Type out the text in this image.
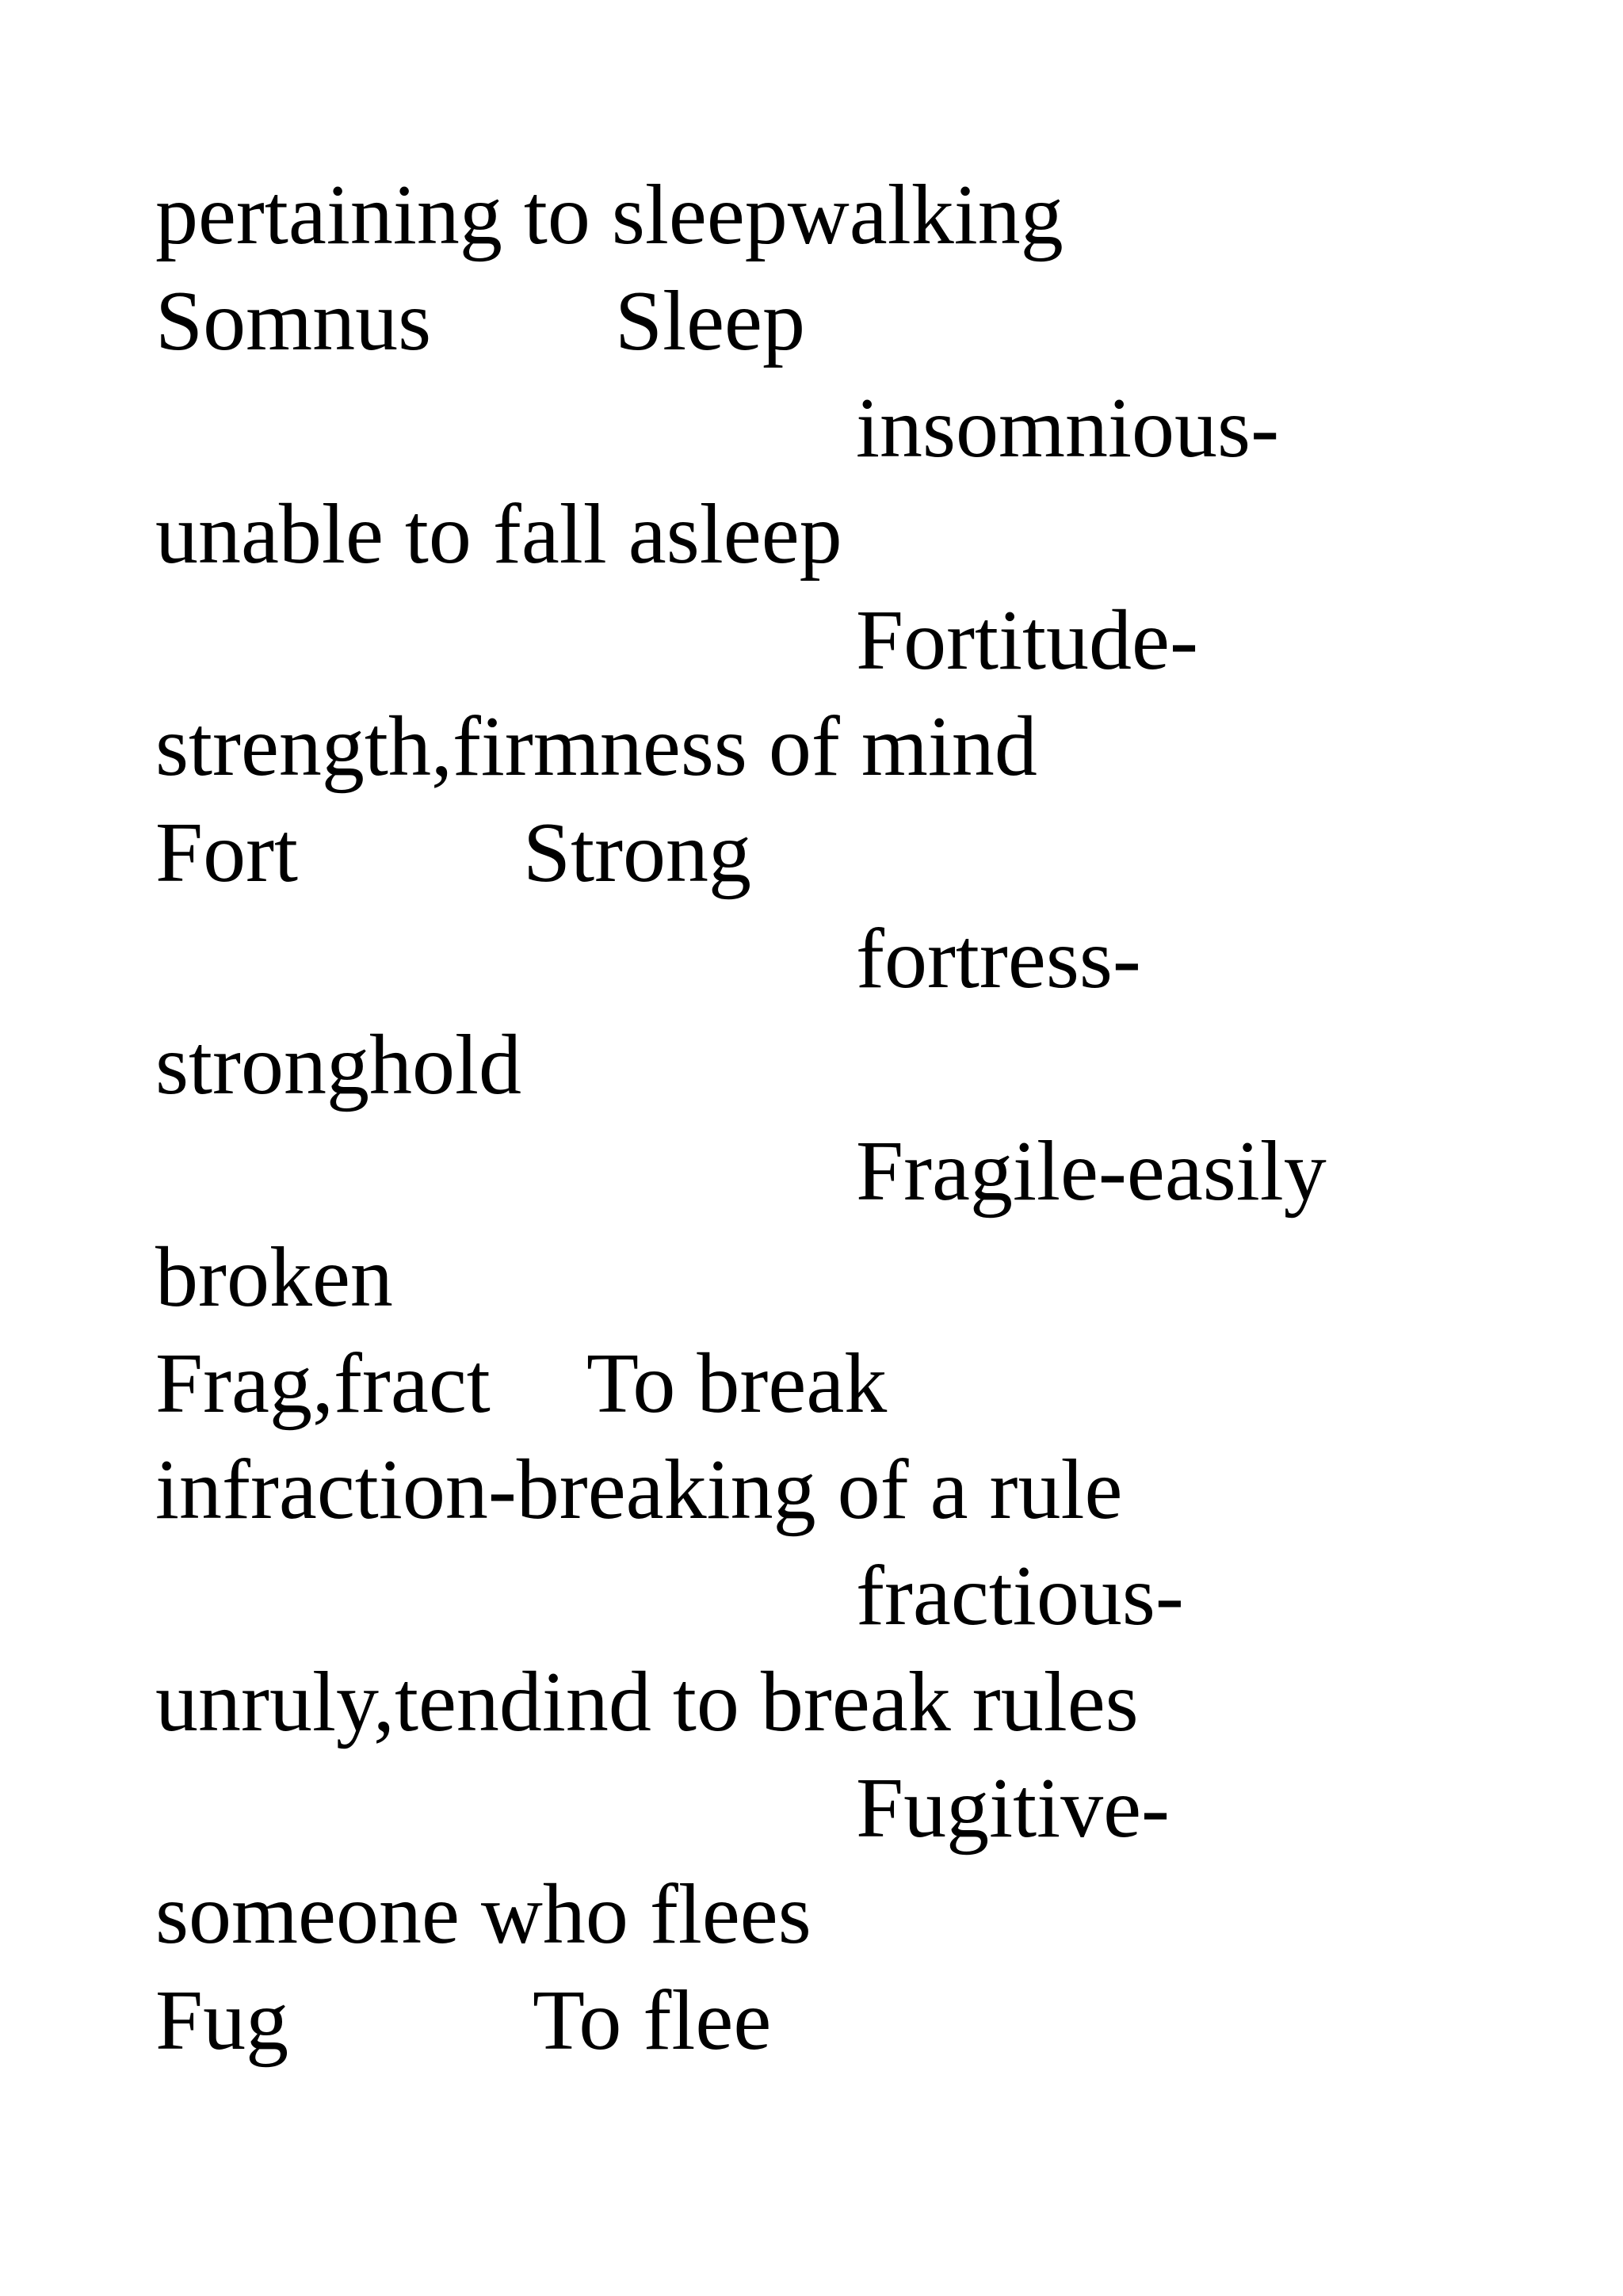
pertaining to sleepwalking
Somnus Sleep
insomnious-
unable to fall asleep
Fortitude-
strength,firmness of mind
Fort	Strong
fortress-
stronghold
Fragile-easily
broken
Frag,fract To break
infraction-breaking of a rule
fractious-
unruly,tendind to break rules
Fugitive-
someone who flees
Fug	To flee
